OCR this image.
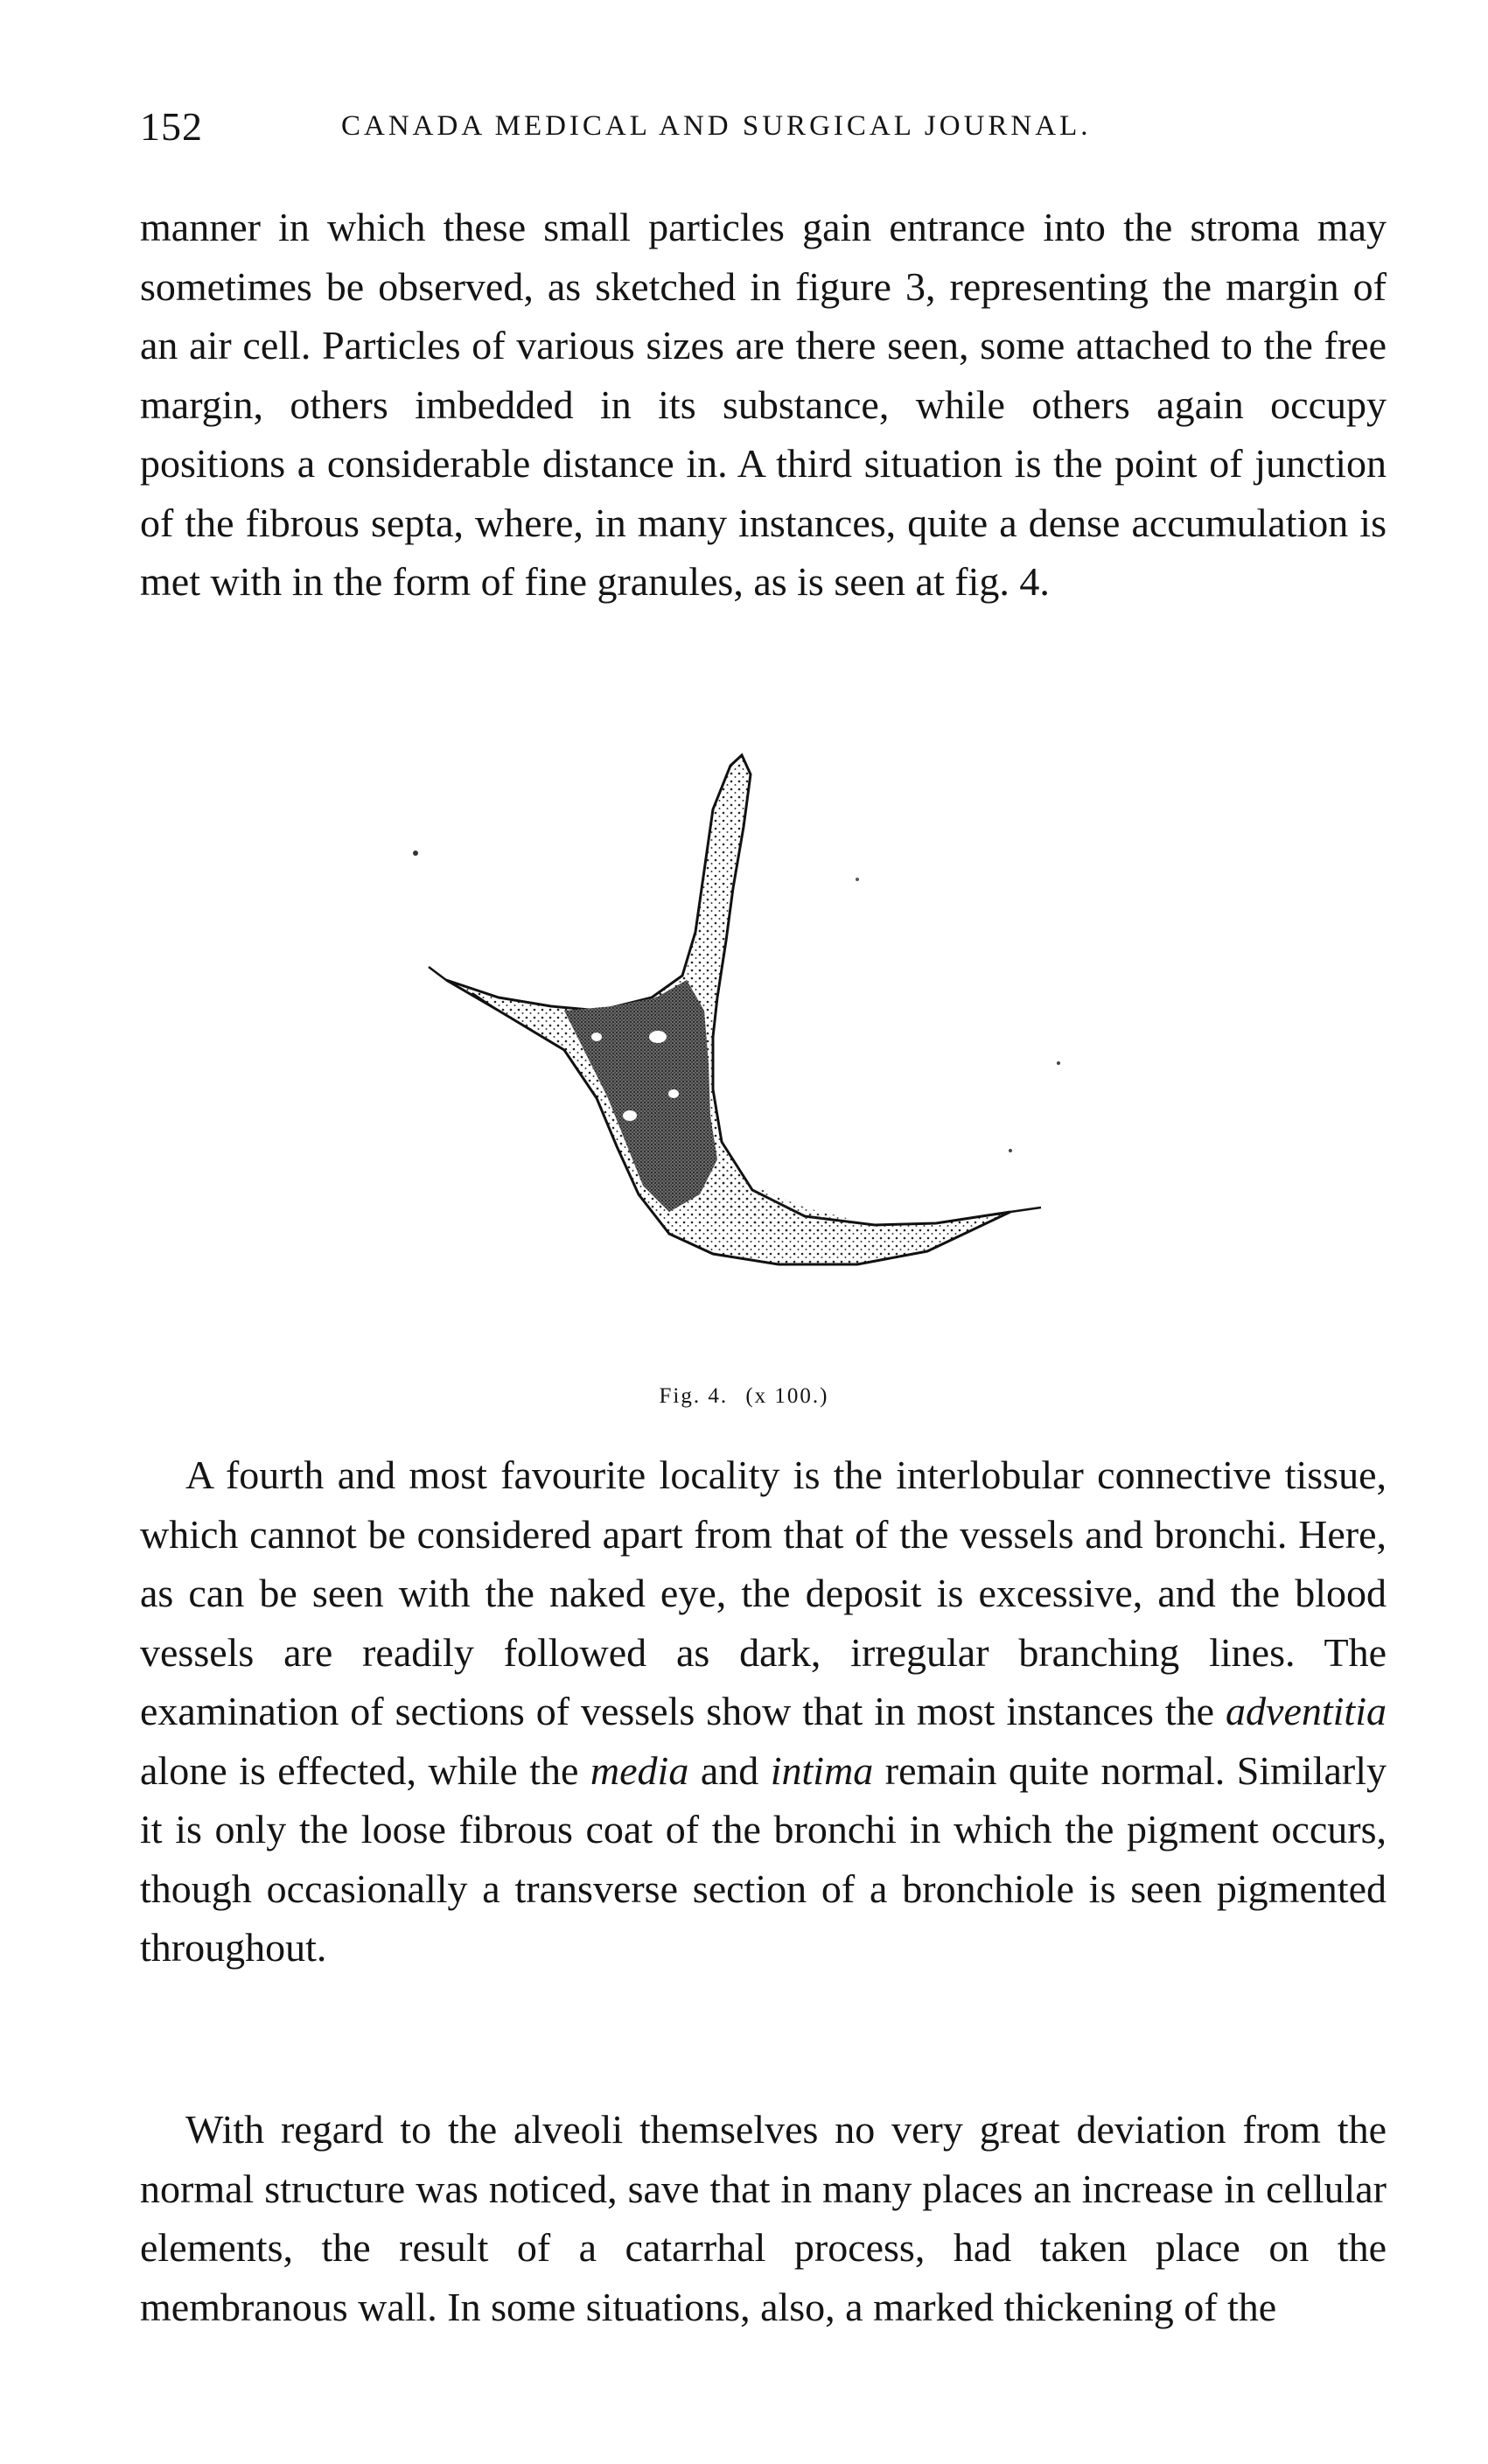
152	CANADA MEDICAL AND SURGICAL JOURNAL.

manner in which these small particles gain entrance into the stroma may sometimes be observed, as sketched in figure 3, representing the margin of an air cell. Particles of various sizes are there seen, some attached to the free margin, others imbedded in its substance, while others again occupy positions a considerable distance in. A third situation is the point of junction of the fibrous septa, where, in many instances, quite a dense accumulation is met with in the form of fine granules, as is seen at fig. 4.

Fig. 4. (x 100.)

A fourth and most favourite locality is the interlobular connective tissue, which cannot be considered apart from that of the vessels and bronchi. Here, as can be seen with the naked eye, the deposit is excessive, and the blood vessels are readily followed as dark, irregular branching lines. The examination of sections of vessels show that in most instances the adventitia alone is effected, while the media and intima remain quite normal. Similarly it is only the loose fibrous coat of the bronchi in which the pigment occurs, though occasionally a transverse section of a bronchiole is seen pigmented throughout.

With regard to the alveoli themselves no very great deviation from the normal structure was noticed, save that in many places an increase in cellular elements, the result of a catarrhal process, had taken place on the membranous wall. In some situations, also, a marked thickening of the
